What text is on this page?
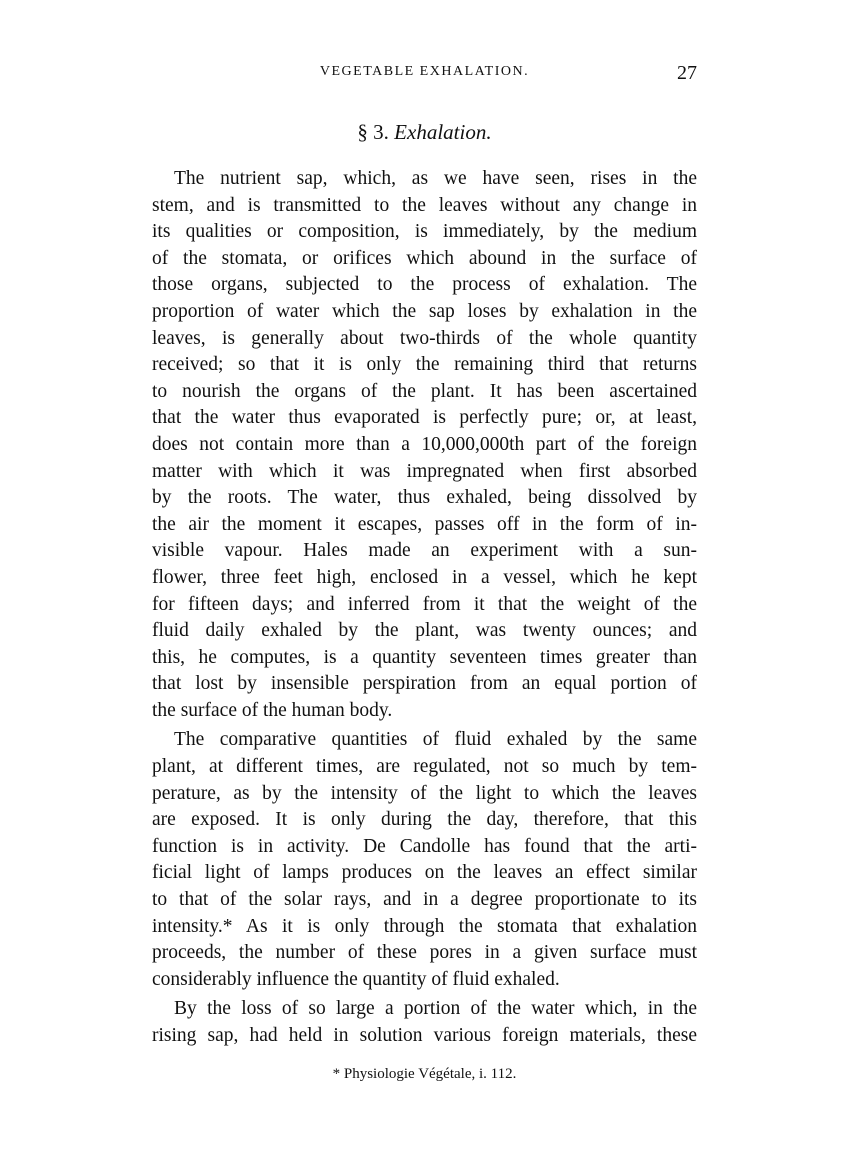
VEGETABLE EXHALATION.	27
§ 3. Exhalation.
The nutrient sap, which, as we have seen, rises in the
stem, and is transmitted to the leaves without any change in
its qualities or composition, is immediately, by the medium
of the stomata, or orifices which abound in the surface of
those organs, subjected to the process of exhalation. The
proportion of water which the sap loses by exhalation in the
leaves, is generally about two-thirds of the whole quantity
received; so that it is only the remaining third that returns
to nourish the organs of the plant. It has been ascertained
that the water thus evaporated is perfectly pure; or, at least,
does not contain more than a 10,000,000th part of the foreign
matter with which it was impregnated when first absorbed
by the roots. The water, thus exhaled, being dissolved by
the air the moment it escapes, passes off in the form of in-
visible vapour. Hales made an experiment with a sun-
flower, three feet high, enclosed in a vessel, which he kept
for fifteen days; and inferred from it that the weight of the
fluid daily exhaled by the plant, was twenty ounces; and
this, he computes, is a quantity seventeen times greater than
that lost by insensible perspiration from an equal portion of
the surface of the human body.
The comparative quantities of fluid exhaled by the same
plant, at different times, are regulated, not so much by tem-
perature, as by the intensity of the light to which the leaves
are exposed. It is only during the day, therefore, that this
function is in activity. De Candolle has found that the arti-
ficial light of lamps produces on the leaves an effect similar
to that of the solar rays, and in a degree proportionate to its
intensity.* As it is only through the stomata that exhalation
proceeds, the number of these pores in a given surface must
considerably influence the quantity of fluid exhaled.
By the loss of so large a portion of the water which, in the
rising sap, had held in solution various foreign materials, these
* Physiologie Végétale, i. 112.
